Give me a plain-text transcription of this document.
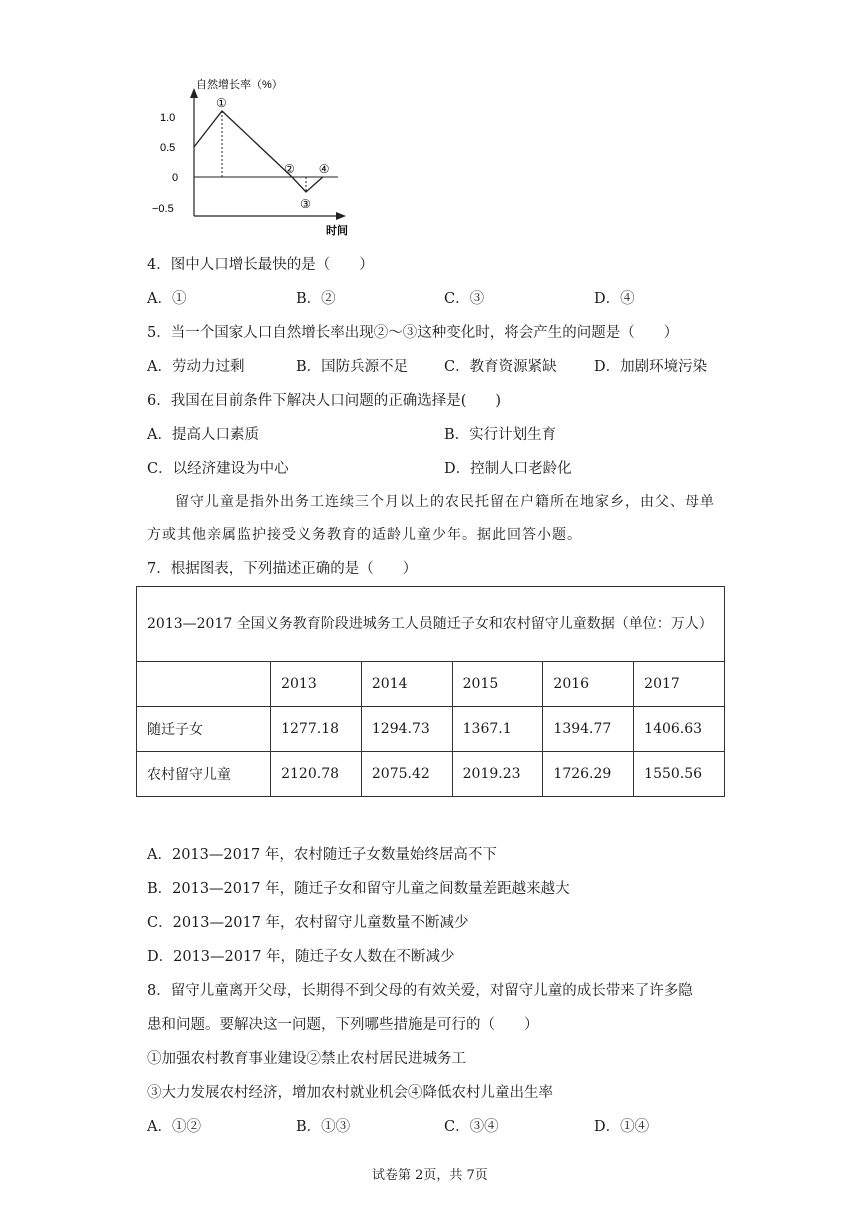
自然增长率（%）
1.0
0.5
0
−0.5
①
②
③
④
时间
4．图中人口增长最快的是（　　）
A．①	B．②	C．③	D．④
5．当一个国家人口自然增长率出现②～③这种变化时，将会产生的问题是（　　）
A．劳动力过剩	B．国防兵源不足 C．教育资源紧缺	D．加剧环境污染
6．我国在目前条件下解决人口问题的正确选择是(　　)
A．提高人口素质	B．实行计划生育
C．以经济建设为中心	D．控制人口老龄化
留守儿童是指外出务工连续三个月以上的农民托留在户籍所在地家乡，由父、母单
方或其他亲属监护接受义务教育的适龄儿童少年。据此回答小题。
7．根据图表，下列描述正确的是（　　）
2013—2017 全国义务教育阶段进城务工人员随迁子女和农村留守儿童数据（单位：万人）					
	2013	2014	2015	2016	2017
随迁子女	1277.18	1294.73	1367.1	1394.77	1406.63
农村留守儿童	2120.78	2075.42	2019.23	1726.29	1550.56
A．2013—2017 年，农村随迁子女数量始终居高不下
B．2013—2017 年，随迁子女和留守儿童之间数量差距越来越大
C．2013—2017 年，农村留守儿童数量不断减少
D．2013—2017 年，随迁子女人数在不断减少
8．留守儿童离开父母，长期得不到父母的有效关爱，对留守儿童的成长带来了许多隐
患和问题。要解决这一问题，下列哪些措施是可行的（　　）
①加强农村教育事业建设②禁止农村居民进城务工
③大力发展农村经济，增加农村就业机会④降低农村儿童出生率
A．①②	B．①③	C．③④	D．①④
试卷第 2页，共 7页
